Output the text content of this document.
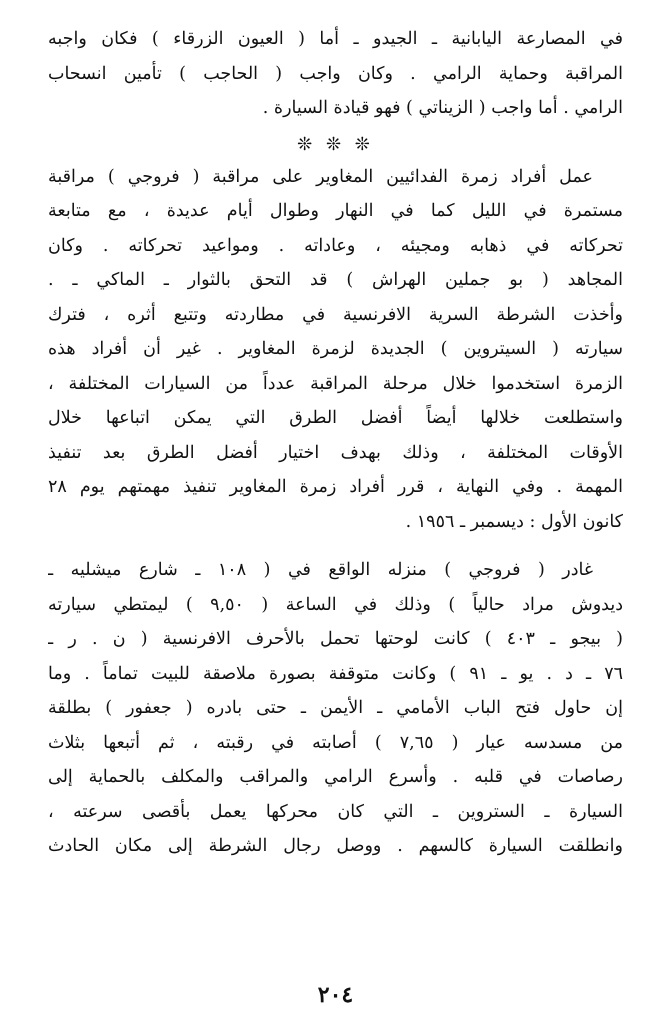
في المصارعة اليابانية ـ الجيدو ـ أما ( العيون الزرقاء ) فكان واجبه
المراقبة وحماية الرامي . وكان واجب ( الحاجب ) تأمين انسحاب
الرامي . أما واجب ( الزيناتي ) فهو قيادة السيارة .

❊ ❊ ❊

عمل أفراد زمرة الفدائيين المغاوير على مراقبة ( فروجي ) مراقبة
مستمرة في الليل كما في النهار وطوال أيام عديدة ، مع متابعة
تحركاته في ذهابه ومجيئه ، وعاداته . ومواعيد تحركاته . وكان
المجاهد ( بو جملين الهراش ) قد التحق بالثوار ـ الماكي ـ .
وأخذت الشرطة السرية الافرنسية في مطاردته وتتبع أثره ، فترك
سيارته ( السيتروين ) الجديدة لزمرة المغاوير . غير أن أفراد هذه
الزمرة استخدموا خلال مرحلة المراقبة عدداً من السيارات المختلفة ،
واستطلعت خلالها أيضاً أفضل الطرق التي يمكن اتباعها خلال
الأوقات المختلفة ، وذلك بهدف اختيار أفضل الطرق بعد تنفيذ
المهمة . وفي النهاية ، قرر أفراد زمرة المغاوير تنفيذ مهمتهم يوم ٢٨
كانون الأول : ديسمبر ـ ١٩٥٦ .

غادر ( فروجي ) منزله الواقع في ( ١٠٨ ـ شارع ميشليه ـ
ديدوش مراد حالياً ) وذلك في الساعة ( ٩,٥٠ ) ليمتطي سيارته
( بيجو ـ ٤٠٣ ) كانت لوحتها تحمل بالأحرف الافرنسية ( ن . ر ـ
٧٦ ـ د . يو ـ ٩١ ) وكانت متوقفة بصورة ملاصقة للبيت تماماً . وما
إن حاول فتح الباب الأمامي ـ الأيمن ـ حتى بادره ( جعفور ) بطلقة
من مسدسه عيار ( ٧,٦٥ ) أصابته في رقبته ، ثم أتبعها بثلاث
رصاصات في قلبه . وأسرع الرامي والمراقب والمكلف بالحماية إلى
السيارة ـ الستروين ـ التي كان محركها يعمل بأقصى سرعته ،
وانطلقت السيارة كالسهم . ووصل رجال الشرطة إلى مكان الحادث

٢٠٤
